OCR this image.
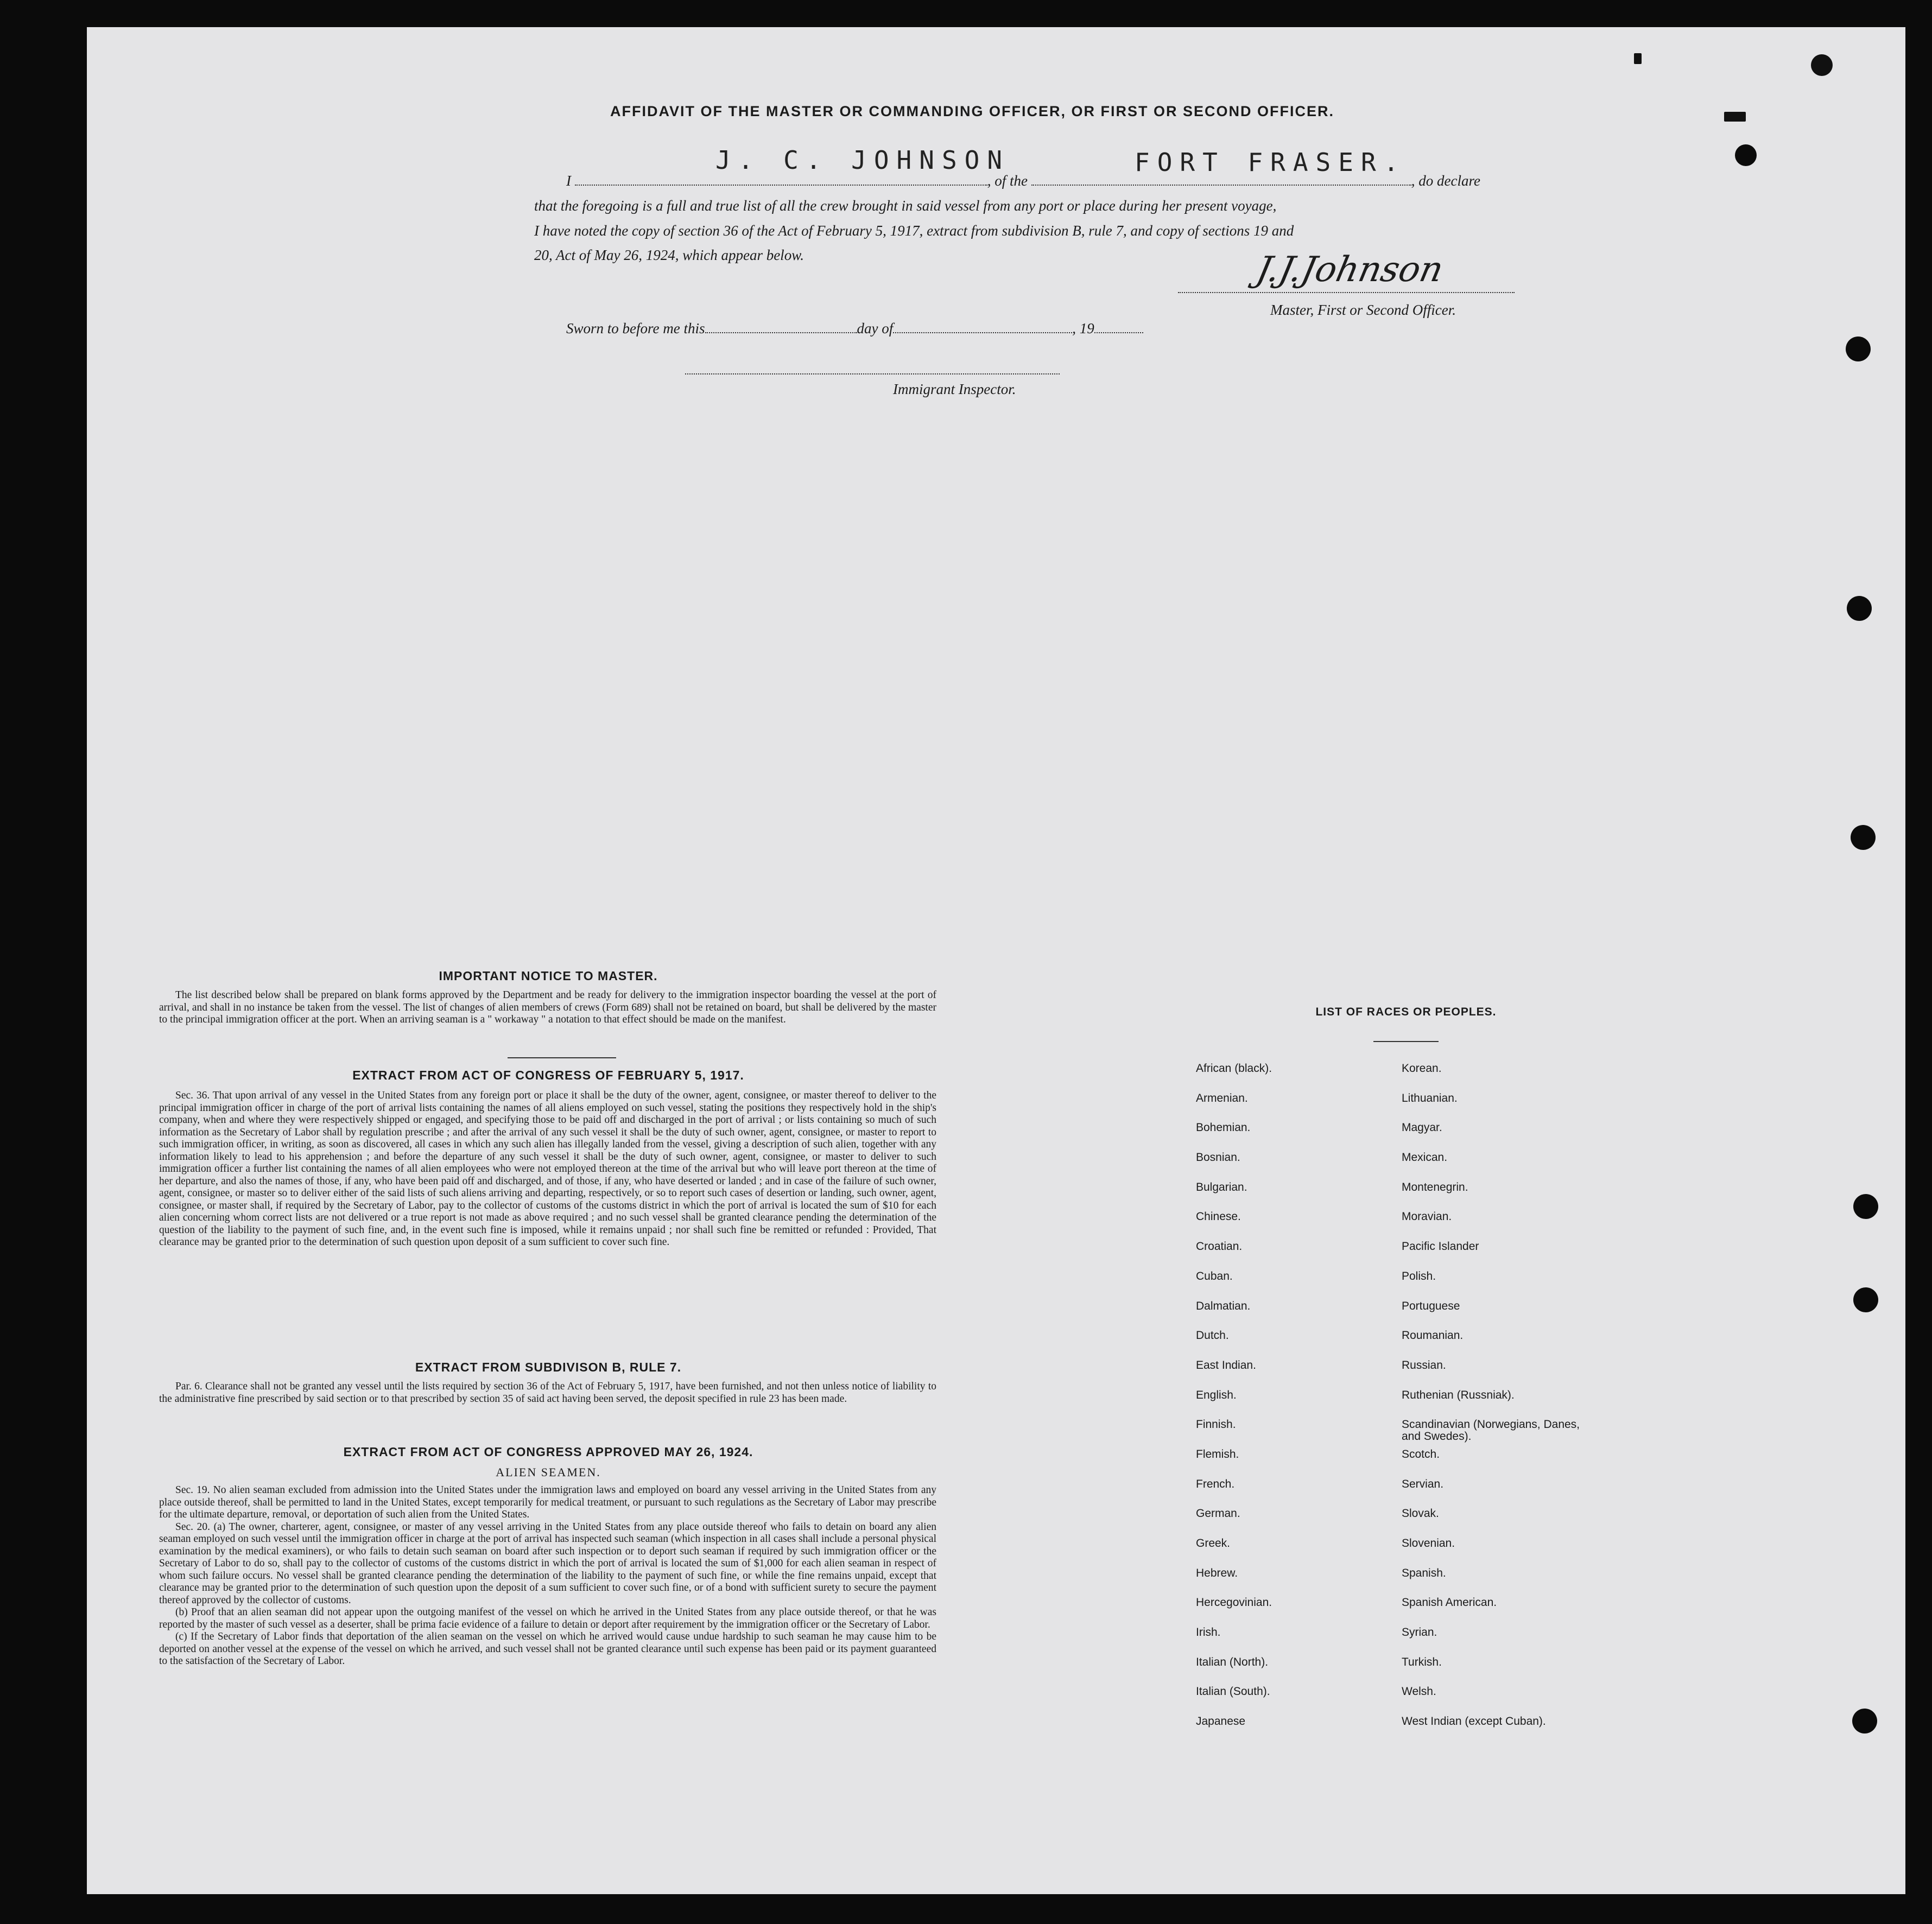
AFFIDAVIT OF THE MASTER OR COMMANDING OFFICER, OR FIRST OR SECOND OFFICER.
I	, of the	, do declare
J. C. JOHNSON	FORT FRASER.
that the foregoing is a full and true list of all the crew brought in said vessel from any port or place during her present voyage,
I have noted the copy of section 36 of the Act of February 5, 1917, extract from subdivision B, rule 7, and copy of sections 19 and
20, Act of May 26, 1924, which appear below.	J.J.Johnson
Master, First or Second Officer.
Sworn to before me this	day of	, 19
Immigrant Inspector.
IMPORTANT NOTICE TO MASTER.

The list described below shall be prepared on blank forms approved by the Department and be ready for delivery to the immigration inspector boarding the vessel at the port of arrival, and shall in no instance be taken from the vessel. The list of changes of alien members of crews (Form 689) shall not be retained on board, but shall be delivered by the master to the principal immigration officer at the port. When an arriving seaman is a " workaway " a notation to that effect should be made on the manifest.

EXTRACT FROM ACT OF CONGRESS OF FEBRUARY 5, 1917.

Sec. 36. That upon arrival of any vessel in the United States from any foreign port or place it shall be the duty of the owner, agent, consignee, or master thereof to deliver to the principal immigration officer in charge of the port of arrival lists containing the names of all aliens employed on such vessel, stating the positions they respectively hold in the ship's company, when and where they were respectively shipped or engaged, and specifying those to be paid off and discharged in the port of arrival ; or lists containing so much of such information as the Secretary of Labor shall by regulation prescribe ; and after the arrival of any such vessel it shall be the duty of such owner, agent, consignee, or master to report to such immigration officer, in writing, as soon as discovered, all cases in which any such alien has illegally landed from the vessel, giving a description of such alien, together with any information likely to lead to his apprehension ; and before the departure of any such vessel it shall be the duty of such owner, agent, consignee, or master to deliver to such immigration officer a further list containing the names of all alien employees who were not employed thereon at the time of the arrival but who will leave port thereon at the time of her departure, and also the names of those, if any, who have been paid off and discharged, and of those, if any, who have deserted or landed ; and in case of the failure of such owner, agent, consignee, or master so to deliver either of the said lists of such aliens arriving and departing, respectively, or so to report such cases of desertion or landing, such owner, agent, consignee, or master shall, if required by the Secretary of Labor, pay to the collector of customs of the customs district in which the port of arrival is located the sum of $10 for each alien concerning whom correct lists are not delivered or a true report is not made as above required ; and no such vessel shall be granted clearance pending the determination of the question of the liability to the payment of such fine, and, in the event such fine is imposed, while it remains unpaid ; nor shall such fine be remitted or refunded : Provided, That clearance may be granted prior to the determination of such question upon deposit of a sum sufficient to cover such fine.

EXTRACT FROM SUBDIVISON B, RULE 7.

Par. 6. Clearance shall not be granted any vessel until the lists required by section 36 of the Act of February 5, 1917, have been furnished, and not then unless notice of liability to the administrative fine prescribed by said section or to that prescribed by section 35 of said act having been served, the deposit specified in rule 23 has been made.

EXTRACT FROM ACT OF CONGRESS APPROVED MAY 26, 1924.
ALIEN SEAMEN.

Sec. 19. No alien seaman excluded from admission into the United States under the immigration laws and employed on board any vessel arriving in the United States from any place outside thereof, shall be permitted to land in the United States, except temporarily for medical treatment, or pursuant to such regulations as the Secretary of Labor may prescribe for the ultimate departure, removal, or deportation of such alien from the United States.

Sec. 20. (a) The owner, charterer, agent, consignee, or master of any vessel arriving in the United States from any place outside thereof who fails to detain on board any alien seaman employed on such vessel until the immigration officer in charge at the port of arrival has inspected such seaman (which inspection in all cases shall include a personal physical examination by the medical examiners), or who fails to detain such seaman on board after such inspection or to deport such seaman if required by such immigration officer or the Secretary of Labor to do so, shall pay to the collector of customs of the customs district in which the port of arrival is located the sum of $1,000 for each alien seaman in respect of whom such failure occurs. No vessel shall be granted clearance pending the determination of the liability to the payment of such fine, or while the fine remains unpaid, except that clearance may be granted prior to the determination of such question upon the deposit of a sum sufficient to cover such fine, or of a bond with sufficient surety to secure the payment thereof approved by the collector of customs.

(b) Proof that an alien seaman did not appear upon the outgoing manifest of the vessel on which he arrived in the United States from any place outside thereof, or that he was reported by the master of such vessel as a deserter, shall be prima facie evidence of a failure to detain or deport after requirement by the immigration officer or the Secretary of Labor.

(c) If the Secretary of Labor finds that deportation of the alien seaman on the vessel on which he arrived would cause undue hardship to such seaman he may cause him to be deported on another vessel at the expense of the vessel on which he arrived, and such vessel shall not be granted clearance until such expense has been paid or its payment guaranteed to the satisfaction of the Secretary of Labor.

LIST OF RACES OR PEOPLES.
African (black).
Armenian.
Bohemian.
Bosnian.
Bulgarian.
Chinese.
Croatian.
Cuban.
Dalmatian.
Dutch.
East Indian.
English.
Finnish.
Flemish.
French.
German.
Greek.
Hebrew.
Hercegovinian.
Irish.
Italian (North).
Italian (South).
Japanese
Korean.
Lithuanian.
Magyar.
Mexican.
Montenegrin.
Moravian.
Pacific Islander
Polish.
Portuguese
Roumanian.
Russian.
Ruthenian (Russniak).
Scandinavian (Norwegians, Danes, and Swedes).
Scotch.
Servian.
Slovak.
Slovenian.
Spanish.
Spanish American.
Syrian.
Turkish.
Welsh.
West Indian (except Cuban).
